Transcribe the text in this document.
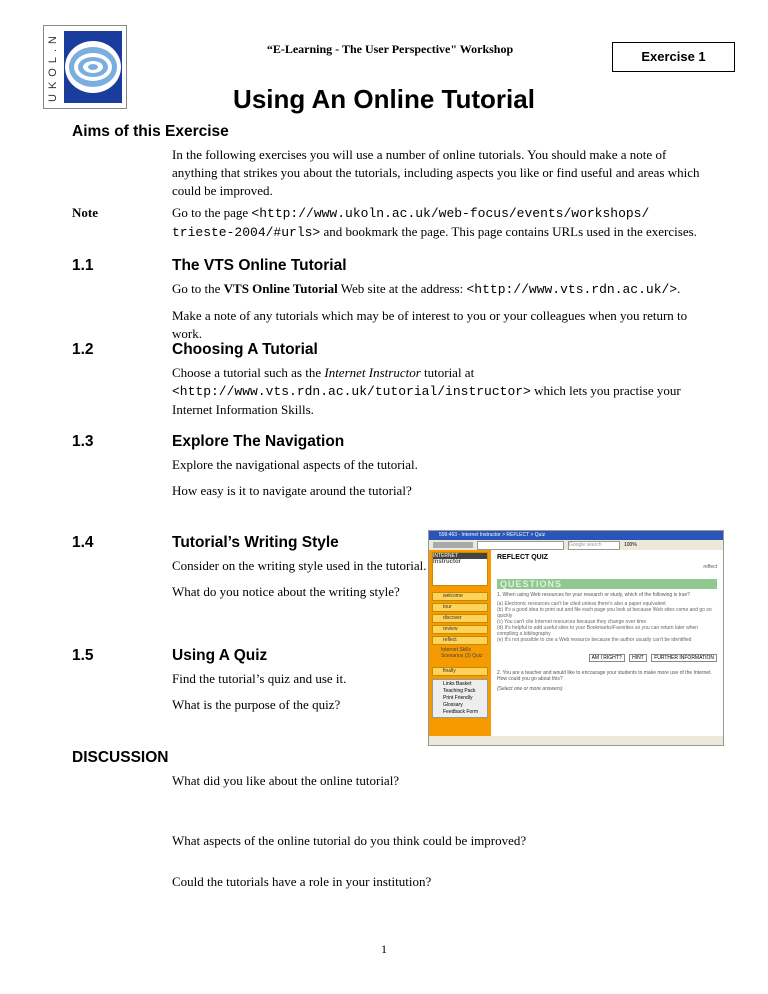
UKOL.N	“E-Learning - The User Perspective" Workshop	Exercise 1
Using An Online Tutorial
Aims of this Exercise
In the following exercises you will use a number of online tutorials. You should make a note of anything that strikes you about the tutorials, including aspects you like or find useful and areas which could be improved.
Note	Go to the page <http://www.ukoln.ac.uk/web-focus/events/workshops/ trieste-2004/#urls> and bookmark the page. This page contains URLs used in the exercises.
1.1	The VTS Online Tutorial
Go to the VTS Online Tutorial Web site at the address: <http://www.vts.rdn.ac.uk/>.
Make a note of any tutorials which may be of interest to you or your colleagues when you return to work.
1.2	Choosing A Tutorial
Choose a tutorial such as the Internet Instructor tutorial at
<http://www.vts.rdn.ac.uk/tutorial/instructor> which lets you practise your Internet Information Skills.
1.3	Explore The Navigation
Explore the navigational aspects of the tutorial.
How easy is it to navigate around the tutorial?
1.4	Tutorial’s Writing Style
Consider on the writing style used in the tutorial.
What do you notice about the writing style?
1.5	Using A Quiz
Find the tutorial’s quiz and use it.
What is the purpose of the quiz?
599:463 - Internet Instructor > REFLECT > Quiz
Google search	100%
INTERNET
Instructor
welcome
tour
discover
review
reflect
Internet Skills Scenarios (3) Quiz
finally
Links Basket
Teaching Pack
Print Friendly
Glossary
Feedback Form
REFLECT QUIZ
reflect
QUESTIONS
1. When using Web resources for your research or study, which of the following is true?
(a) Electronic resources can't be cited unless there's also a paper equivalent
(b) It's a good idea to print out and file each page you look at because Web sites come and go so quickly
(c) You can't cite Internet resources because they change over time
(d) It's helpful to add useful sites to your Bookmarks/Favorites so you can return later when compiling a bibliography
(e) It's not possible to cite a Web resource because the author usually can't be identified
AM I RIGHT? HINT FURTHER INFORMATION
2. You are a teacher and would like to encourage your students to make more use of the Internet. How could you go about this?
(Select one or more answers)
DISCUSSION
What did you like about the online tutorial?
What aspects of the online tutorial do you think could be improved?
Could the tutorials have a role in your institution?
1
